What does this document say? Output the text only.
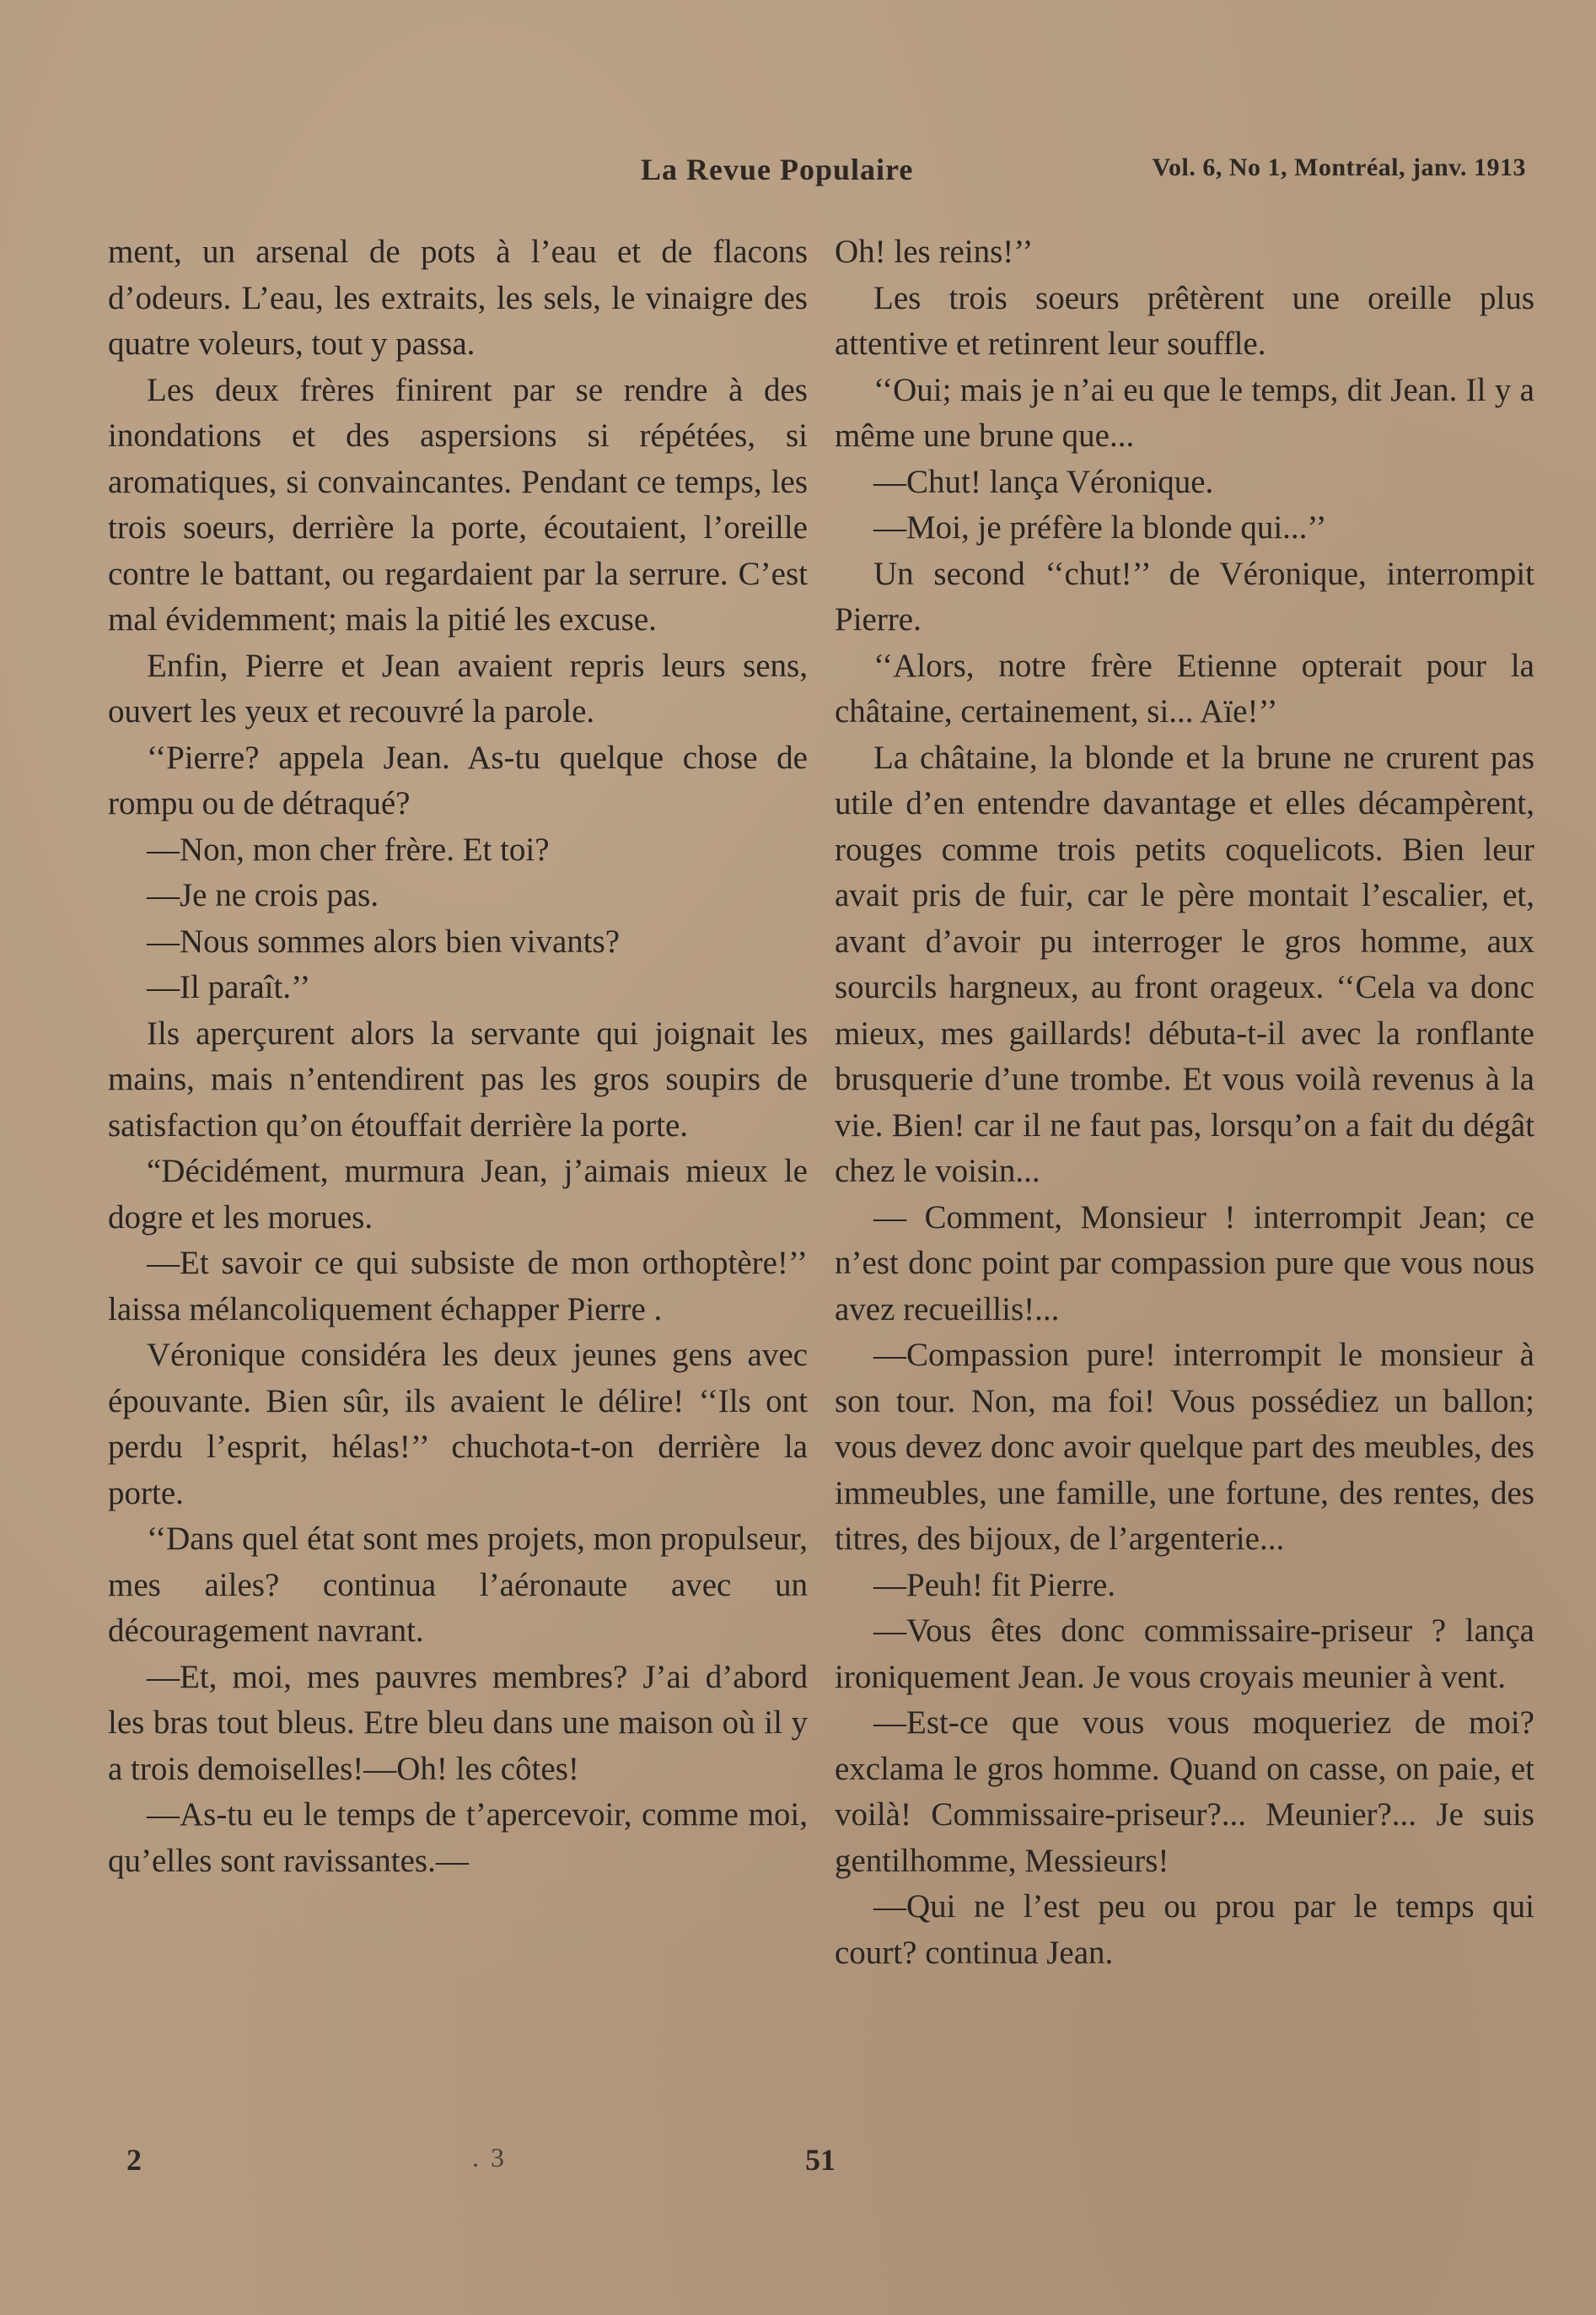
La Revue Populaire	Vol. 6, No 1, Montréal, janv. 1913

ment, un arsenal de pots à l’eau et de flacons d’odeurs. L’eau, les extraits, les sels, le vinaigre des quatre voleurs, tout y passa.

Les deux frères finirent par se rendre à des inondations et des aspersions si répétées, si aromatiques, si convaincantes. Pendant ce temps, les trois soeurs, derrière la porte, écoutaient, l’oreille contre le battant, ou regardaient par la serrure. C’est mal évidemment; mais la pitié les excuse.

Enfin, Pierre et Jean avaient repris leurs sens, ouvert les yeux et recouvré la parole.

‘‘Pierre? appela Jean. As-tu quelque chose de rompu ou de détraqué?

—Non, mon cher frère. Et toi?

—Je ne crois pas.

—Nous sommes alors bien vivants?

—Il paraît.’’

Ils aperçurent alors la servante qui joignait les mains, mais n’entendirent pas les gros soupirs de satisfaction qu’on étouffait derrière la porte.

“Décidément, murmura Jean, j’aimais mieux le dogre et les morues.

—Et savoir ce qui subsiste de mon orthoptère!’’ laissa mélancoliquement échapper Pierre .

Véronique considéra les deux jeunes gens avec épouvante. Bien sûr, ils avaient le délire! ‘‘Ils ont perdu l’esprit, hélas!’’ chuchota-t-on derrière la porte.

‘‘Dans quel état sont mes projets, mon propulseur, mes ailes? continua l’aéronaute avec un découragement navrant.

—Et, moi, mes pauvres membres? J’ai d’abord les bras tout bleus. Etre bleu dans une maison où il y a trois demoiselles!—Oh! les côtes!

—As-tu eu le temps de t’apercevoir, comme moi, qu’elles sont ravissantes.—

Oh! les reins!’’

Les trois soeurs prêtèrent une oreille plus attentive et retinrent leur souffle.

‘‘Oui; mais je n’ai eu que le temps, dit Jean. Il y a même une brune que...

—Chut! lança Véronique.

—Moi, je préfère la blonde qui...’’

Un second ‘‘chut!’’ de Véronique, interrompit Pierre.

‘‘Alors, notre frère Etienne opterait pour la châtaine, certainement, si... Aïe!’’

La châtaine, la blonde et la brune ne crurent pas utile d’en entendre davantage et elles décampèrent, rouges comme trois petits coquelicots. Bien leur avait pris de fuir, car le père montait l’escalier, et, avant d’avoir pu interroger le gros homme, aux sourcils hargneux, au front orageux. ‘‘Cela va donc mieux, mes gaillards! débuta-t-il avec la ronflante brusquerie d’une trombe. Et vous voilà revenus à la vie. Bien! car il ne faut pas, lorsqu’on a fait du dégât chez le voisin...

— Comment, Monsieur ! interrompit Jean; ce n’est donc point par compassion pure que vous nous avez recueillis!...

—Compassion pure! interrompit le monsieur à son tour. Non, ma foi! Vous possédiez un ballon; vous devez donc avoir quelque part des meubles, des immeubles, une famille, une fortune, des rentes, des titres, des bijoux, de l’argenterie...

—Peuh! fit Pierre.

—Vous êtes donc commissaire-priseur ? lança ironiquement Jean. Je vous croyais meunier à vent.

—Est-ce que vous vous moqueriez de moi? exclama le gros homme. Quand on casse, on paie, et voilà! Commissaire-priseur?... Meunier?... Je suis gentilhomme, Messieurs!

—Qui ne l’est peu ou prou par le temps qui court? continua Jean.

2	. 3	51
